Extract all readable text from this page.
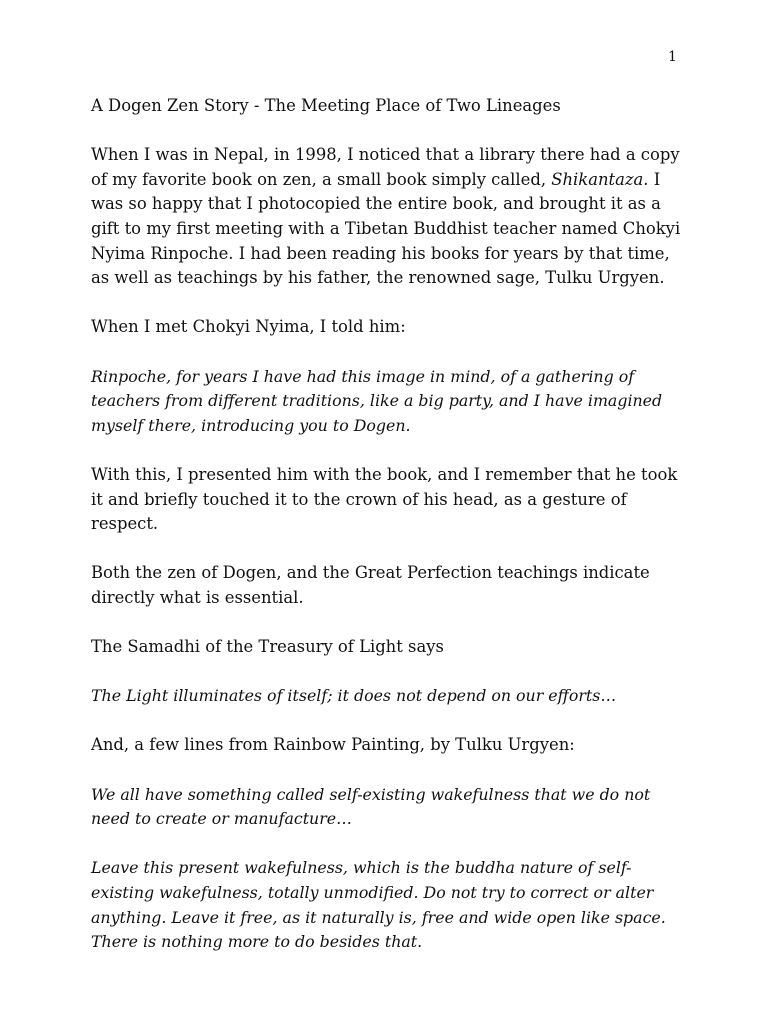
1

A Dogen Zen Story - The Meeting Place of Two Lineages

When I was in Nepal, in 1998, I noticed that a library there had a copy of my favorite book on zen, a small book simply called, Shikantaza. I was so happy that I photocopied the entire book, and brought it as a gift to my first meeting with a Tibetan Buddhist teacher named Chokyi Nyima Rinpoche. I had been reading his books for years by that time, as well as teachings by his father, the renowned sage, Tulku Urgyen.

When I met Chokyi Nyima, I told him:

Rinpoche, for years I have had this image in mind, of a gathering of teachers from different traditions, like a big party, and I have imagined myself there, introducing you to Dogen.

With this, I presented him with the book, and I remember that he took it and briefly touched it to the crown of his head, as a gesture of respect.

Both the zen of Dogen, and the Great Perfection teachings indicate directly what is essential.

The Samadhi of the Treasury of Light says

The Light illuminates of itself; it does not depend on our efforts…

And, a few lines from Rainbow Painting, by Tulku Urgyen:

We all have something called self-existing wakefulness that we do not need to create or manufacture…

Leave this present wakefulness, which is the buddha nature of self-existing wakefulness, totally unmodified. Do not try to correct or alter anything. Leave it free, as it naturally is, free and wide open like space. There is nothing more to do besides that.
